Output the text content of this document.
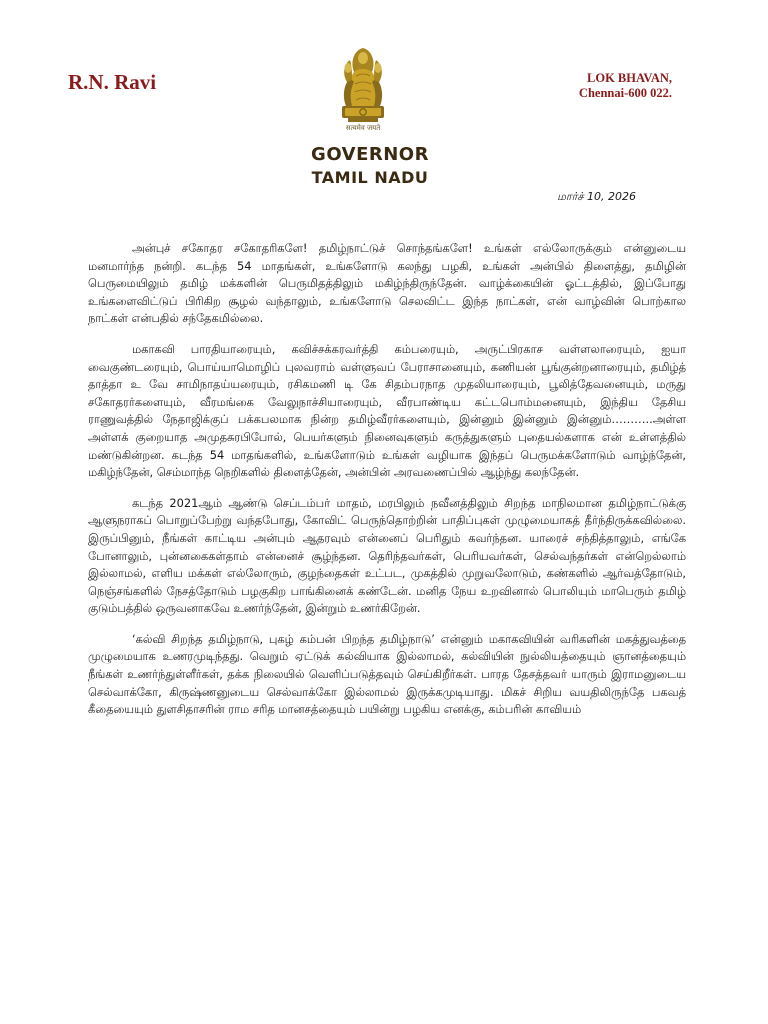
R.N. Ravi	LOK BHAVAN,
Chennai-600 022.
सत्यमेव जयते
GOVERNOR
TAMIL NADU
மார்ச் 10, 2026

அன்புச் சகோதர சகோதரிகளே! தமிழ்நாட்டுச் சொந்தங்களே! உங்கள் எல்லோருக்கும் என்னுடைய மனமார்ந்த நன்றி. கடந்த 54 மாதங்கள், உங்களோடு கலந்து பழகி, உங்கள் அன்பில் திளைத்து, தமிழின் பெருமையிலும் தமிழ் மக்களின் பெருமிதத்திலும் மகிழ்ந்திருந்தேன். வாழ்க்கையின் ஓட்டத்தில், இப்போது உங்களைவிட்டுப் பிரிகிற சூழல் வந்தாலும், உங்களோடு செலவிட்ட இந்த நாட்கள், என் வாழ்வின் பொற்கால நாட்கள் என்பதில் சந்தேகமில்லை.

மகாகவி பாரதியாரையும், கவிச்சக்கரவர்த்தி கம்பரையும், அருட்பிரகாச வள்ளலாரையும், ஐயா வைகுண்டரையும், பொய்யாமொழிப் புலவராம் வள்ளுவப் பேராசானையும், கணியன் பூங்குன்றனாரையும், தமிழ்த் தாத்தா உ வே சாமிநாதய்யரையும், ரசிகமணி டி கே சிதம்பரநாத முதலியாரையும், பூலித்தேவனையும், மருது சகோதரர்களையும், வீரமங்கை வேலுநாச்சியாரையும், வீரபாண்டிய கட்டபொம்மனையும், இந்திய தேசிய ராணுவத்தில் நேதாஜிக்குப் பக்கபலமாக நின்ற தமிழ்வீரர்களையும், இன்னும் இன்னும் இன்னும்………..அள்ள அள்ளக் குறையாத அமுதசுரபிபோல், பெயர்களும் நினைவுகளும் கருத்துகளும் புதையல்களாக என் உள்ளத்தில் மண்டுகின்றன. கடந்த 54 மாதங்களில், உங்களோடும் உங்கள் வழியாக இந்தப் பெருமக்களோடும் வாழ்ந்தேன், மகிழ்ந்தேன், செம்மாந்த நெறிகளில் திளைத்தேன், அன்பின் அரவணைப்பில் ஆழ்ந்து கலந்தேன்.

கடந்த 2021ஆம் ஆண்டு செப்டம்பர் மாதம், மரபிலும் நவீனத்திலும் சிறந்த மாநிலமான தமிழ்நாட்டுக்கு ஆளுநராகப் பொறுப்பேற்று வந்தபோது, கோவிட் பெருந்தொற்றின் பாதிப்புகள் முழுமையாகத் தீர்ந்திருக்கவில்லை. இருப்பினும், நீங்கள் காட்டிய அன்பும் ஆதரவும் என்னைப் பெரிதும் கவர்ந்தன. யாரைச் சந்தித்தாலும், எங்கே போனாலும், புன்னகைகள்தாம் என்னைச் சூழ்ந்தன. தெரிந்தவர்கள், பெரியவர்கள், செல்வந்தர்கள் என்றெல்லாம் இல்லாமல், எளிய மக்கள் எல்லோரும், குழந்தைகள் உட்பட, முகத்தில் முறுவலோடும், கண்களில் ஆர்வத்தோடும், நெஞ்சங்களில் நேசத்தோடும் பழகுகிற பாங்கினைக் கண்டேன். மனித நேய உறவினால் பொலியும் மாபெரும் தமிழ் குடும்பத்தில் ஒருவனாகவே உணர்ந்தேன், இன்றும் உணர்கிறேன்.

‘கல்வி சிறந்த தமிழ்நாடு, புகழ் கம்பன் பிறந்த தமிழ்நாடு’ என்னும் மகாகவியின் வரிகளின் மகத்துவத்தை முழுமையாக உணரமுடிந்தது. வெறும் ஏட்டுக் கல்வியாக இல்லாமல், கல்வியின் நுல்லியத்தையும் ஞானத்தையும் நீங்கள் உணர்ந்துள்ளீர்கள், தக்க நிலையில் வெளிப்படுத்தவும் செய்கிறீர்கள். பாரத தேசத்தவர் யாரும் இராமனுடைய செல்வாக்கோ, கிருஷ்ணனுடைய செல்வாக்கோ இல்லாமல் இருக்கமுடியாது. மிகச் சிறிய வயதிலிருந்தே பகவத் கீதையையும் துளசிதாசரின் ராம சரித மானசத்தையும் பயின்று பழகிய எனக்கு, கம்பரின் காவியம்
